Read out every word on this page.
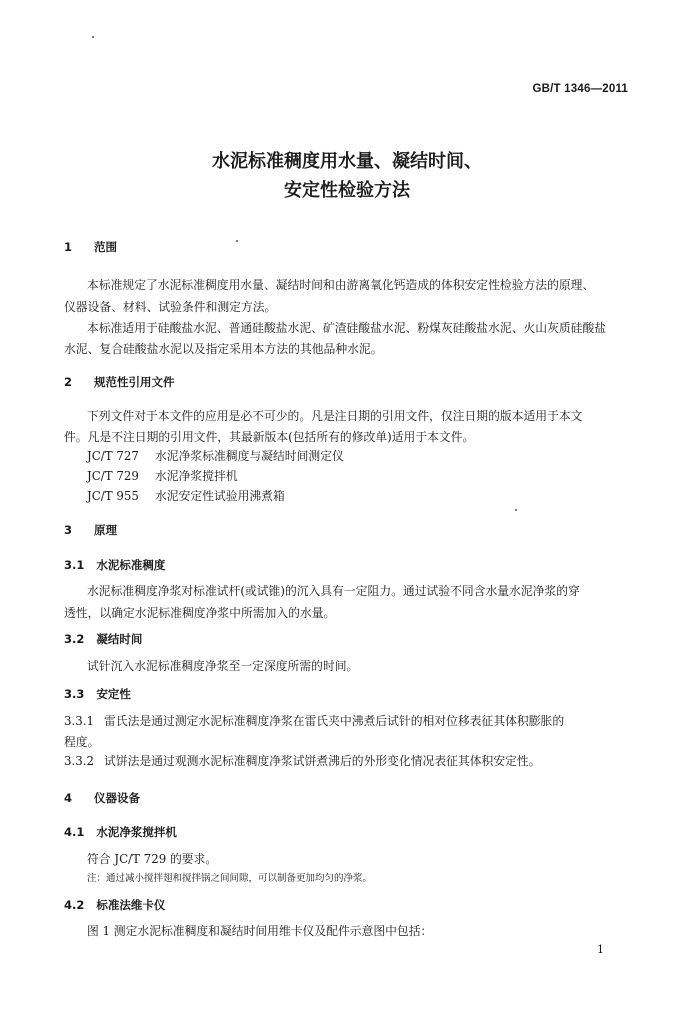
GB/T 1346—2011
水泥标准稠度用水量、凝结时间、
安定性检验方法
1 范围
本标准规定了水泥标准稠度用水量、凝结时间和由游离氧化钙造成的体积安定性检验方法的原理、
仪器设备、材料、试验条件和测定方法。
本标准适用于硅酸盐水泥、普通硅酸盐水泥、矿渣硅酸盐水泥、粉煤灰硅酸盐水泥、火山灰质硅酸盐
水泥、复合硅酸盐水泥以及指定采用本方法的其他品种水泥。
2 规范性引用文件
下列文件对于本文件的应用是必不可少的。凡是注日期的引用文件，仅注日期的版本适用于本文
件。凡是不注日期的引用文件，其最新版本(包括所有的修改单)适用于本文件。
JC/T 727 水泥净浆标准稠度与凝结时间测定仪
JC/T 729 水泥净浆搅拌机
JC/T 955 水泥安定性试验用沸煮箱
3 原理
3.1 水泥标准稠度
水泥标准稠度净浆对标准试杆(或试锥)的沉入具有一定阻力。通过试验不同含水量水泥净浆的穿
透性，以确定水泥标准稠度净浆中所需加入的水量。
3.2 凝结时间
试针沉入水泥标准稠度净浆至一定深度所需的时间。
3.3 安定性
3.3.1 雷氏法是通过测定水泥标准稠度净浆在雷氏夹中沸煮后试针的相对位移表征其体积膨胀的
程度。
3.3.2 试饼法是通过观测水泥标准稠度净浆试饼煮沸后的外形变化情况表征其体积安定性。
4 仪器设备
4.1 水泥净浆搅拌机
符合 JC/T 729 的要求。
注：通过减小搅拌翅和搅拌锅之间间隙，可以制备更加均匀的净浆。
4.2 标准法维卡仪
图 1 测定水泥标准稠度和凝结时间用维卡仪及配件示意图中包括：
1
